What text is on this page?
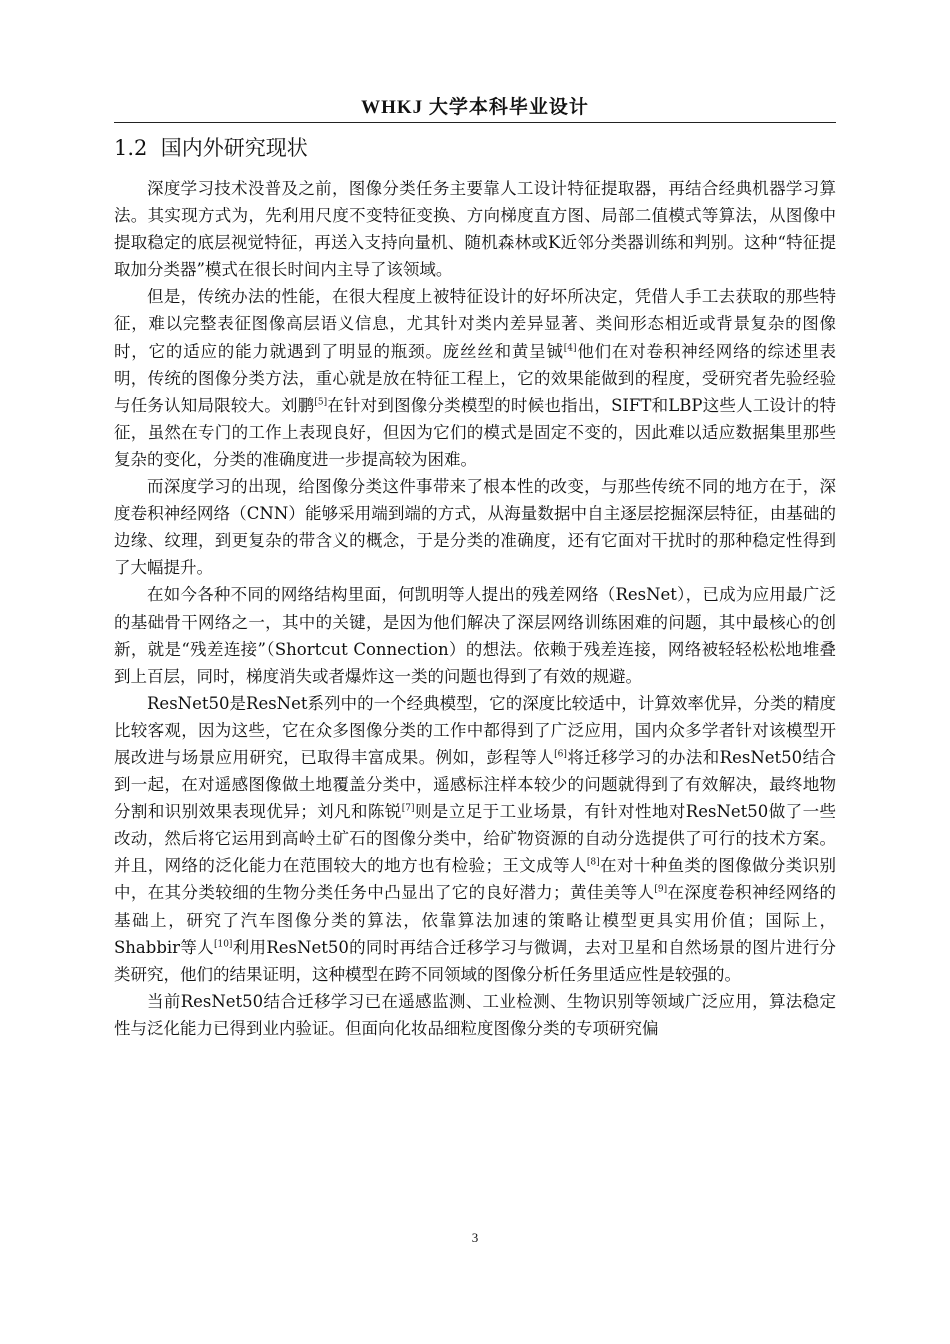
WHKJ 大学本科毕业设计
1.2 国内外研究现状

深度学习技术没普及之前，图像分类任务主要靠人工设计特征提取器，再结合经典机器学习算法。其实现方式为，先利用尺度不变特征变换、方向梯度直方图、局部二值模式等算法，从图像中提取稳定的底层视觉特征，再送入支持向量机、随机森林或K近邻分类器训练和判别。这种“特征提取加分类器”模式在很长时间内主导了该领域。

但是，传统办法的性能，在很大程度上被特征设计的好坏所决定，凭借人手工去获取的那些特征，难以完整表征图像高层语义信息，尤其针对类内差异显著、类间形态相近或背景复杂的图像时，它的适应的能力就遇到了明显的瓶颈。庞丝丝和黄呈铖[4]他们在对卷积神经网络的综述里表明，传统的图像分类方法，重心就是放在特征工程上，它的效果能做到的程度，受研究者先验经验与任务认知局限较大。刘鹏[5]在针对到图像分类模型的时候也指出，SIFT和LBP这些人工设计的特征，虽然在专门的工作上表现良好，但因为它们的模式是固定不变的，因此难以适应数据集里那些复杂的变化，分类的准确度进一步提高较为困难。

而深度学习的出现，给图像分类这件事带来了根本性的改变，与那些传统不同的地方在于，深度卷积神经网络（CNN）能够采用端到端的方式，从海量数据中自主逐层挖掘深层特征，由基础的边缘、纹理，到更复杂的带含义的概念，于是分类的准确度，还有它面对干扰时的那种稳定性得到了大幅提升。

在如今各种不同的网络结构里面，何凯明等人提出的残差网络（ResNet），已成为应用最广泛的基础骨干网络之一，其中的关键，是因为他们解决了深层网络训练困难的问题，其中最核心的创新，就是“残差连接”（Shortcut Connection）的想法。依赖于残差连接，网络被轻轻松松地堆叠到上百层，同时，梯度消失或者爆炸这一类的问题也得到了有效的规避。

ResNet50是ResNet系列中的一个经典模型，它的深度比较适中，计算效率优异，分类的精度比较客观，因为这些，它在众多图像分类的工作中都得到了广泛应用，国内众多学者针对该模型开展改进与场景应用研究，已取得丰富成果。例如，彭程等人[6]将迁移学习的办法和ResNet50结合到一起，在对遥感图像做土地覆盖分类中，遥感标注样本较少的问题就得到了有效解决，最终地物分割和识别效果表现优异；刘凡和陈锐[7]则是立足于工业场景，有针对性地对ResNet50做了一些改动，然后将它运用到高岭土矿石的图像分类中，给矿物资源的自动分选提供了可行的技术方案。并且，网络的泛化能力在范围较大的地方也有检验；王文成等人[8]在对十种鱼类的图像做分类识别中，在其分类较细的生物分类任务中凸显出了它的良好潜力；黄佳美等人[9]在深度卷积神经网络的基础上，研究了汽车图像分类的算法，依靠算法加速的策略让模型更具实用价值；国际上，Shabbir等人[10]利用ResNet50的同时再结合迁移学习与微调，去对卫星和自然场景的图片进行分类研究，他们的结果证明，这种模型在跨不同领域的图像分析任务里适应性是较强的。

当前ResNet50结合迁移学习已在遥感监测、工业检测、生物识别等领域广泛应用，算法稳定性与泛化能力已得到业内验证。但面向化妆品细粒度图像分类的专项研究偏

3
